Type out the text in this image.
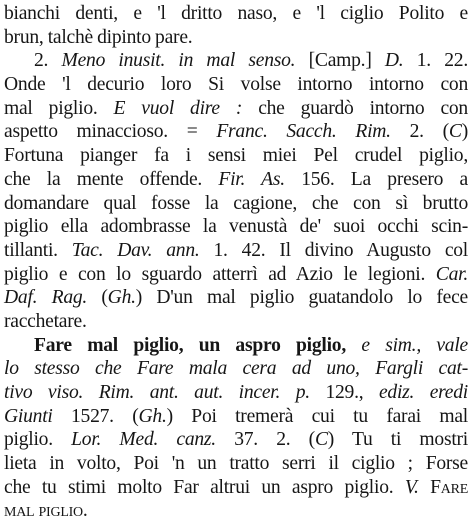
bianchi denti, e 'l dritto naso, e 'l ciglio Polito e
brun, talchè dipinto pare.
2. Meno inusit. in mal senso. [Camp.] D. 1. 22.
Onde 'l decurio loro Si volse intorno intorno con
mal piglio. E vuol dire : che guardò intorno con
aspetto minaccioso. = Franc. Sacch. Rim. 2. (C)
Fortuna pianger fa i sensi miei Pel crudel piglio,
che la mente offende. Fir. As. 156. La presero a
domandare qual fosse la cagione, che con sì brutto
piglio ella adombrasse la venustà de' suoi occhi scin-
tillanti. Tac. Dav. ann. 1. 42. Il divino Augusto col
piglio e con lo sguardo atterrì ad Azio le legioni. Car.
Daf. Rag. (Gh.) D'un mal piglio guatandolo lo fece
racchetare.
Fare mal piglio, un aspro piglio, e sim., vale
lo stesso che Fare mala cera ad uno, Fargli cat-
tivo viso. Rim. ant. aut. incer. p. 129., ediz. eredi
Giunti 1527. (Gh.) Poi tremerà cui tu farai mal
piglio. Lor. Med. canz. 37. 2. (C) Tu ti mostri
lieta in volto, Poi 'n un tratto serri il ciglio ; Forse
che tu stimi molto Far altrui un aspro piglio. V. Fare
mal piglio.
